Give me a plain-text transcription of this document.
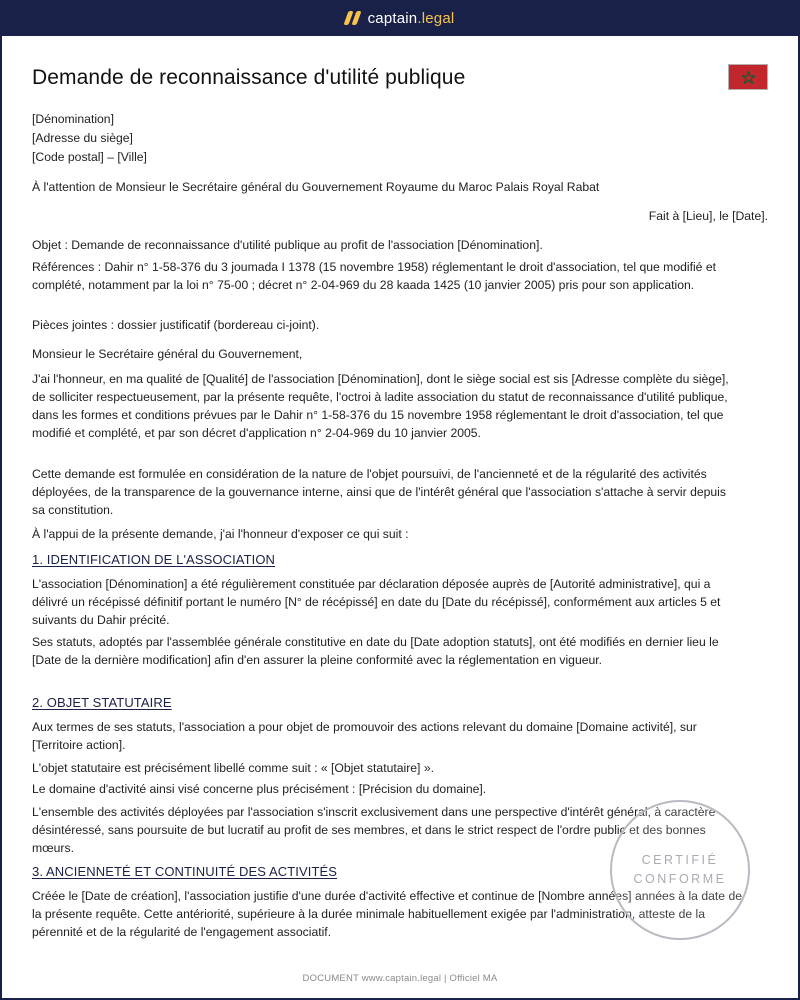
captain .legal
Demande de reconnaissance d'utilité publique
[Dénomination]
[Adresse du siège]
[Code postal] – [Ville]
À l'attention de Monsieur le Secrétaire général du Gouvernement Royaume du Maroc Palais Royal Rabat
Fait à [Lieu], le [Date].
Objet : Demande de reconnaissance d'utilité publique au profit de l'association [Dénomination].
Références : Dahir n° 1-58-376 du 3 joumada I 1378 (15 novembre 1958) réglementant le droit d'association, tel que modifié et complété, notamment par la loi n° 75-00 ; décret n° 2-04-969 du 28 kaada 1425 (10 janvier 2005) pris pour son application.
Pièces jointes : dossier justificatif (bordereau ci-joint).
Monsieur le Secrétaire général du Gouvernement,
J'ai l'honneur, en ma qualité de [Qualité] de l'association [Dénomination], dont le siège social est sis [Adresse complète du siège], de solliciter respectueusement, par la présente requête, l'octroi à ladite association du statut de reconnaissance d'utilité publique, dans les formes et conditions prévues par le Dahir n° 1-58-376 du 15 novembre 1958 réglementant le droit d'association, tel que modifié et complété, et par son décret d'application n° 2-04-969 du 10 janvier 2005.
Cette demande est formulée en considération de la nature de l'objet poursuivi, de l'ancienneté et de la régularité des activités déployées, de la transparence de la gouvernance interne, ainsi que de l'intérêt général que l'association s'attache à servir depuis sa constitution.
À l'appui de la présente demande, j'ai l'honneur d'exposer ce qui suit :
1. IDENTIFICATION DE L'ASSOCIATION
L'association [Dénomination] a été régulièrement constituée par déclaration déposée auprès de [Autorité administrative], qui a délivré un récépissé définitif portant le numéro [N° de récépissé] en date du [Date du récépissé], conformément aux articles 5 et suivants du Dahir précité.
Ses statuts, adoptés par l'assemblée générale constitutive en date du [Date adoption statuts], ont été modifiés en dernier lieu le [Date de la dernière modification] afin d'en assurer la pleine conformité avec la réglementation en vigueur.
2. OBJET STATUTAIRE
Aux termes de ses statuts, l'association a pour objet de promouvoir des actions relevant du domaine [Domaine activité], sur [Territoire action].
L'objet statutaire est précisément libellé comme suit : « [Objet statutaire] ».
Le domaine d'activité ainsi visé concerne plus précisément : [Précision du domaine].
L'ensemble des activités déployées par l'association s'inscrit exclusivement dans une perspective d'intérêt général, à caractère désintéressé, sans poursuite de but lucratif au profit de ses membres, et dans le strict respect de l'ordre public et des bonnes mœurs.
3. ANCIENNETÉ ET CONTINUITÉ DES ACTIVITÉS
Créée le [Date de création], l'association justifie d'une durée d'activité effective et continue de [Nombre années] années à la date de la présente requête. Cette antériorité, supérieure à la durée minimale habituellement exigée par l'administration, atteste de la pérennité et de la régularité de l'engagement associatif.
CERTIFIÉ
CONFORME
DOCUMENT www.captain.legal | Officiel MA
